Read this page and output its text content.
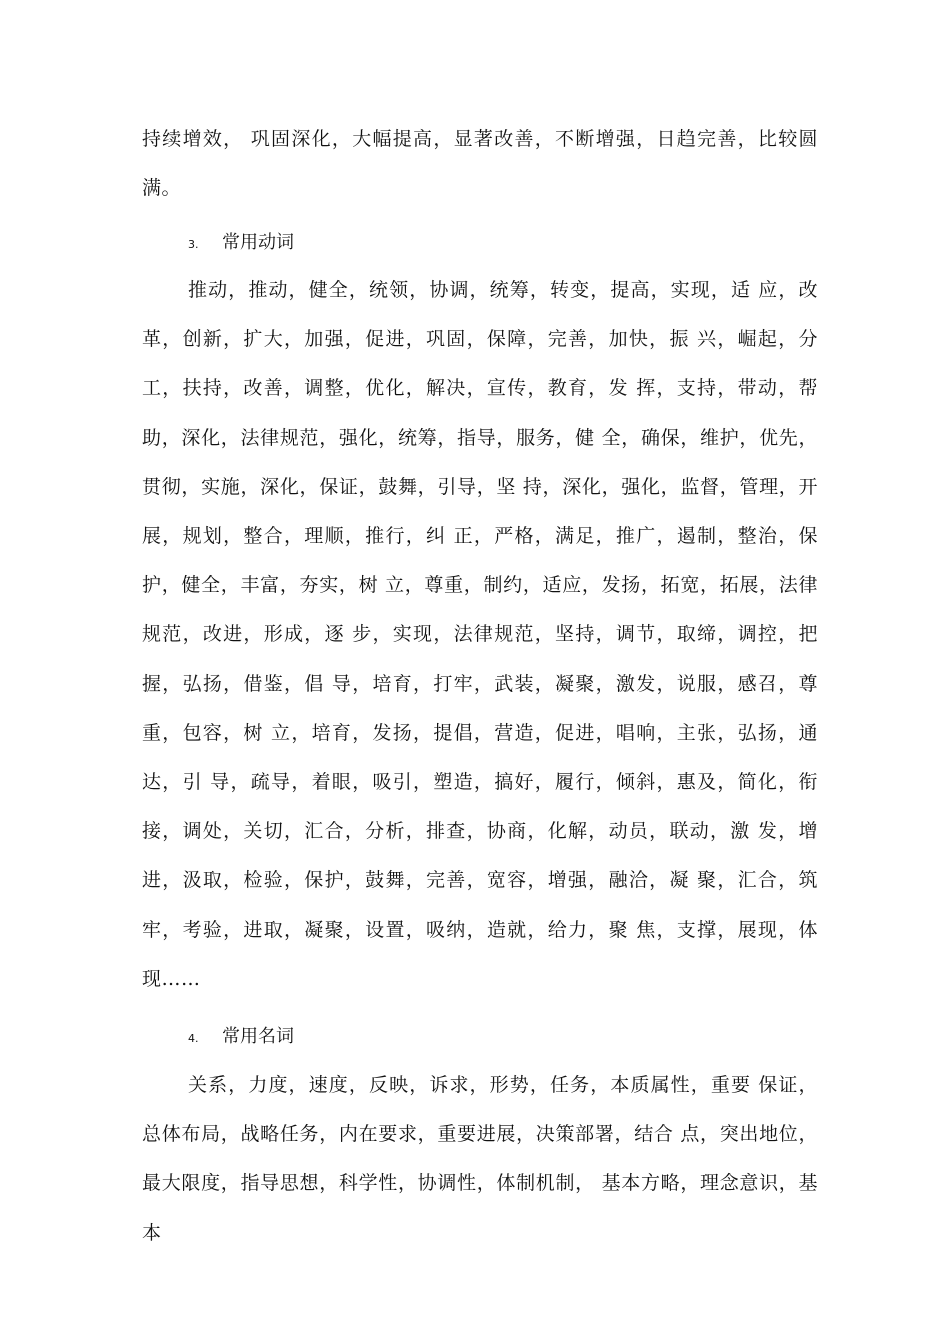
持续增效， 巩固深化，大幅提高，显著改善，不断增强，日趋完善，比较圆满。

3. 常用动词

推动，推动，健全，统领，协调，统筹，转变，提高，实现，适 应，改革，创新，扩大，加强，促进，巩固，保障，完善，加快，振 兴，崛起，分工，扶持，改善，调整，优化，解决，宣传，教育，发 挥，支持，带动，帮助，深化，法律规范，强化，统筹，指导，服务，健 全，确保，维护，优先，贯彻，实施，深化，保证，鼓舞，引导，坚 持，深化，强化，监督，管理，开展，规划，整合，理顺，推行，纠 正，严格，满足，推广，遏制，整治，保护，健全，丰富，夯实，树 立，尊重，制约，适应，发扬，拓宽，拓展，法律规范，改进，形成，逐 步，实现，法律规范，坚持，调节，取缔，调控，把握，弘扬，借鉴，倡 导，培育，打牢，武装，凝聚，激发，说服，感召，尊重，包容，树 立，培育，发扬，提倡，营造，促进，唱响，主张，弘扬，通达，引 导，疏导，着眼，吸引，塑造，搞好，履行，倾斜，惠及，简化，衔接，调处，关切，汇合，分析，排查，协商，化解，动员，联动，激 发，增进，汲取，检验，保护，鼓舞，完善，宽容，增强，融洽，凝 聚，汇合，筑牢，考验，进取，凝聚，设置，吸纳，造就，给力，聚 焦，支撑，展现，体现……

4. 常用名词

关系，力度，速度，反映，诉求，形势，任务，本质属性，重要 保证，总体布局，战略任务，内在要求，重要进展，决策部署，结合 点，突出地位，最大限度，指导思想，科学性，协调性，体制机制， 基本方略，理念意识，基本
